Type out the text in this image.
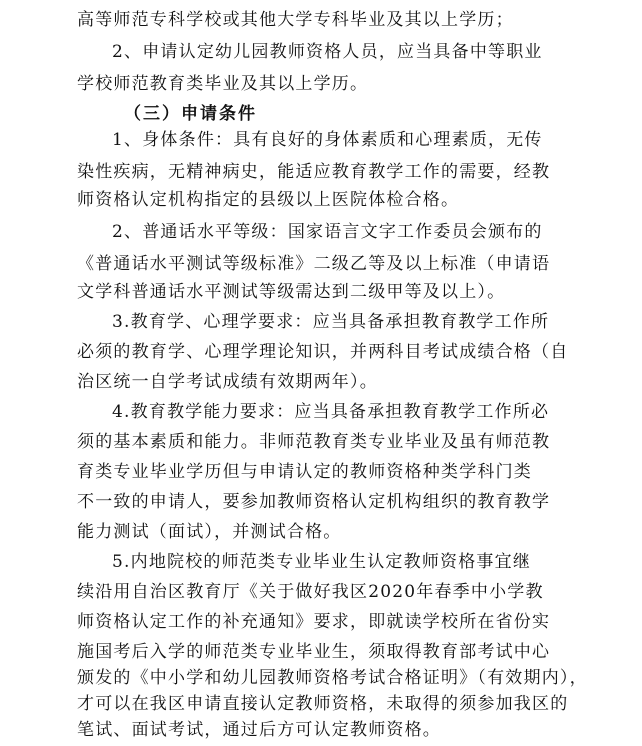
高等师范专科学校或其他大学专科毕业及其以上学历；
2、申请认定幼儿园教师资格人员，应当具备中等职业
学校师范教育类毕业及其以上学历。
（三）申请条件
1、身体条件：具有良好的身体素质和心理素质，无传
染性疾病，无精神病史，能适应教育教学工作的需要，经教
师资格认定机构指定的县级以上医院体检合格。
2、普通话水平等级：国家语言文字工作委员会颁布的
《普通话水平测试等级标准》二级乙等及以上标准（申请语
文学科普通话水平测试等级需达到二级甲等及以上）。
3.教育学、心理学要求：应当具备承担教育教学工作所
必须的教育学、心理学理论知识，并两科目考试成绩合格（自
治区统一自学考试成绩有效期两年）。
4.教育教学能力要求：应当具备承担教育教学工作所必
须的基本素质和能力。非师范教育类专业毕业及虽有师范教
育类专业毕业学历但与申请认定的教师资格种类学科门类
不一致的申请人，要参加教师资格认定机构组织的教育教学
能力测试（面试），并测试合格。
5.内地院校的师范类专业毕业生认定教师资格事宜继
续沿用自治区教育厅《关于做好我区2020年春季中小学教
师资格认定工作的补充通知》要求，即就读学校所在省份实
施国考后入学的师范类专业毕业生，须取得教育部考试中心
颁发的《中小学和幼儿园教师资格考试合格证明》（有效期内），
才可以在我区申请直接认定教师资格，未取得的须参加我区的
笔试、面试考试，通过后方可认定教师资格。
